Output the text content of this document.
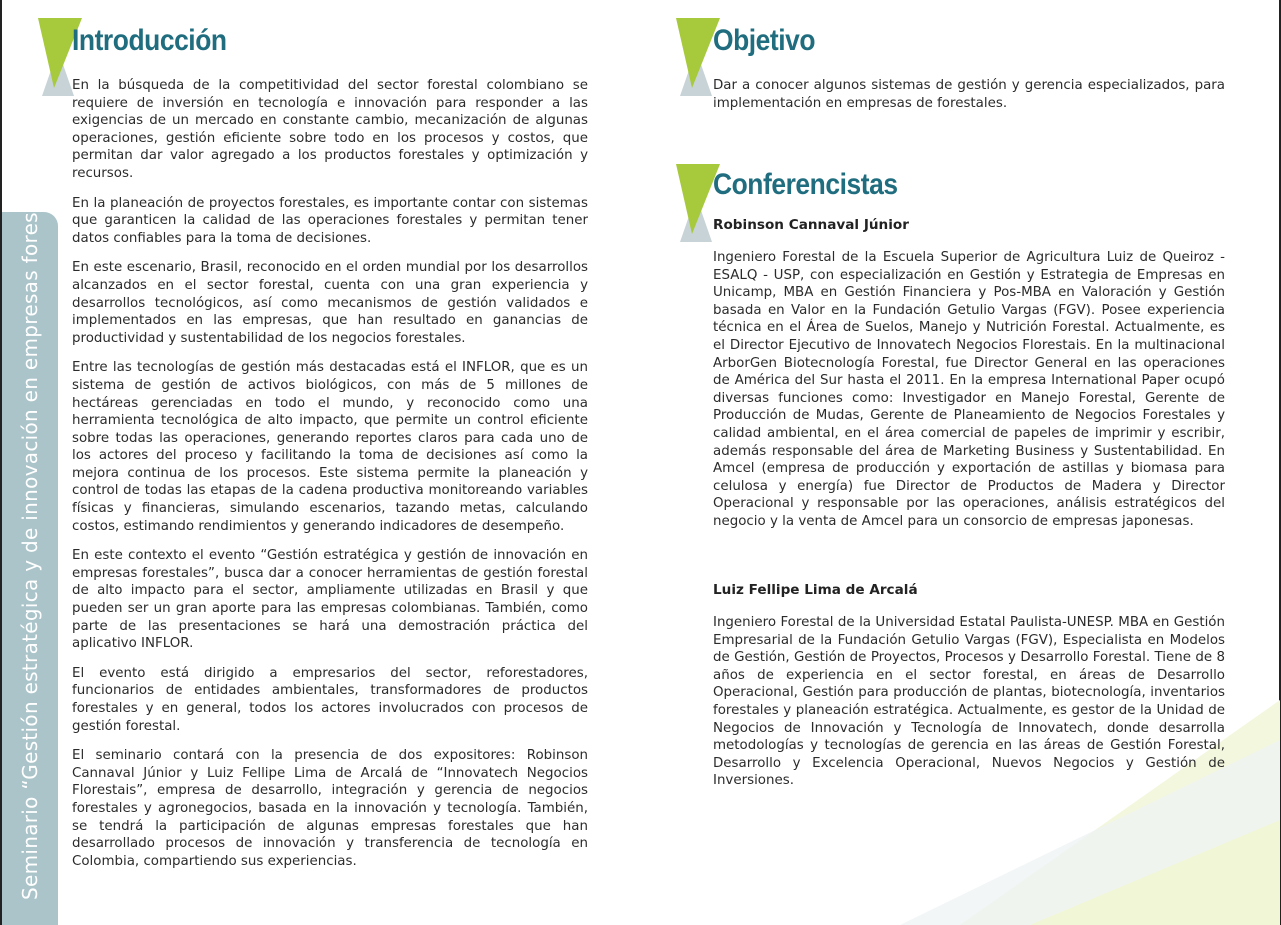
Seminario “Gestión estratégica y de innovación en empresas forestales
Introducción

En la búsqueda de la competitividad del sector forestal colombiano se requiere de inversión en tecnología e innovación para responder a las exigencias de un mercado en constante cambio, mecanización de algunas operaciones, gestión eficiente sobre todo en los procesos y costos, que permitan dar valor agregado a los productos forestales y optimización y recursos.

En la planeación de proyectos forestales, es importante contar con sistemas que garanticen la calidad de las operaciones forestales y permitan tener datos confiables para la toma de decisiones.

En este escenario, Brasil, reconocido en el orden mundial por los desarrollos alcanzados en el sector forestal, cuenta con una gran experiencia y desarrollos tecnológicos, así como mecanismos de gestión validados e implementados en las empresas, que han resultado en ganancias de productividad y sustentabilidad de los negocios forestales.

Entre las tecnologías de gestión más destacadas está el INFLOR, que es un sistema de gestión de activos biológicos, con más de 5 millones de hectáreas gerenciadas en todo el mundo, y reconocido como una herramienta tecnológica de alto impacto, que permite un control eficiente sobre todas las operaciones, generando reportes claros para cada uno de los actores del proceso y facilitando la toma de decisiones así como la mejora continua de los procesos. Este sistema permite la planeación y control de todas las etapas de la cadena productiva monitoreando variables físicas y financieras, simulando escenarios, tazando metas, calculando costos, estimando rendimientos y generando indicadores de desempeño.

En este contexto el evento “Gestión estratégica y gestión de innovación en empresas forestales”, busca dar a conocer herramientas de gestión forestal de alto impacto para el sector, ampliamente utilizadas en Brasil y que pueden ser un gran aporte para las empresas colombianas. También, como parte de las presentaciones se hará una demostración práctica del aplicativo INFLOR.

El evento está dirigido a empresarios del sector, reforestadores, funcionarios de entidades ambientales, transformadores de productos forestales y en general, todos los actores involucrados con procesos de gestión forestal.

El seminario contará con la presencia de dos expositores: Robinson Cannaval Júnior y Luiz Fellipe Lima de Arcalá de “Innovatech Negocios Florestais”, empresa de desarrollo, integración y gerencia de negocios forestales y agronegocios, basada en la innovación y tecnología. También, se tendrá la participación de algunas empresas forestales que han desarrollado procesos de innovación y transferencia de tecnología en Colombia, compartiendo sus experiencias.

Objetivo

Dar a conocer algunos sistemas de gestión y gerencia especializados, para implementación en empresas de forestales.

Conferencistas
Robinson Cannaval Júnior

Ingeniero Forestal de la Escuela Superior de Agricultura Luiz de Queiroz - ESALQ - USP, con especialización en Gestión y Estrategia de Empresas en Unicamp, MBA en Gestión Financiera y Pos-MBA en Valoración y Gestión basada en Valor en la Fundación Getulio Vargas (FGV). Posee experiencia técnica en el Área de Suelos, Manejo y Nutrición Forestal. Actualmente, es el Director Ejecutivo de Innovatech Negocios Florestais. En la multinacional ArborGen Biotecnología Forestal, fue Director General en las operaciones de América del Sur hasta el 2011. En la empresa International Paper ocupó diversas funciones como: Investigador en Manejo Forestal, Gerente de Producción de Mudas, Gerente de Planeamiento de Negocios Forestales y calidad ambiental, en el área comercial de papeles de imprimir y escribir, además responsable del área de Marketing Business y Sustentabilidad. En Amcel (empresa de producción y exportación de astillas y biomasa para celulosa y energía) fue Director de Productos de Madera y Director Operacional y responsable por las operaciones, análisis estratégicos del negocio y la venta de Amcel para un consorcio de empresas japonesas.

Luiz Fellipe Lima de Arcalá

Ingeniero Forestal de la Universidad Estatal Paulista-UNESP. MBA en Gestión Empresarial de la Fundación Getulio Vargas (FGV), Especialista en Modelos de Gestión, Gestión de Proyectos, Procesos y Desarrollo Forestal. Tiene de 8 años de experiencia en el sector forestal, en áreas de Desarrollo Operacional, Gestión para producción de plantas, biotecnología, inventarios forestales y planeación estratégica. Actualmente, es gestor de la Unidad de Negocios de Innovación y Tecnología de Innovatech, donde desarrolla metodologías y tecnologías de gerencia en las áreas de Gestión Forestal, Desarrollo y Excelencia Operacional, Nuevos Negocios y Gestión de Inversiones.
